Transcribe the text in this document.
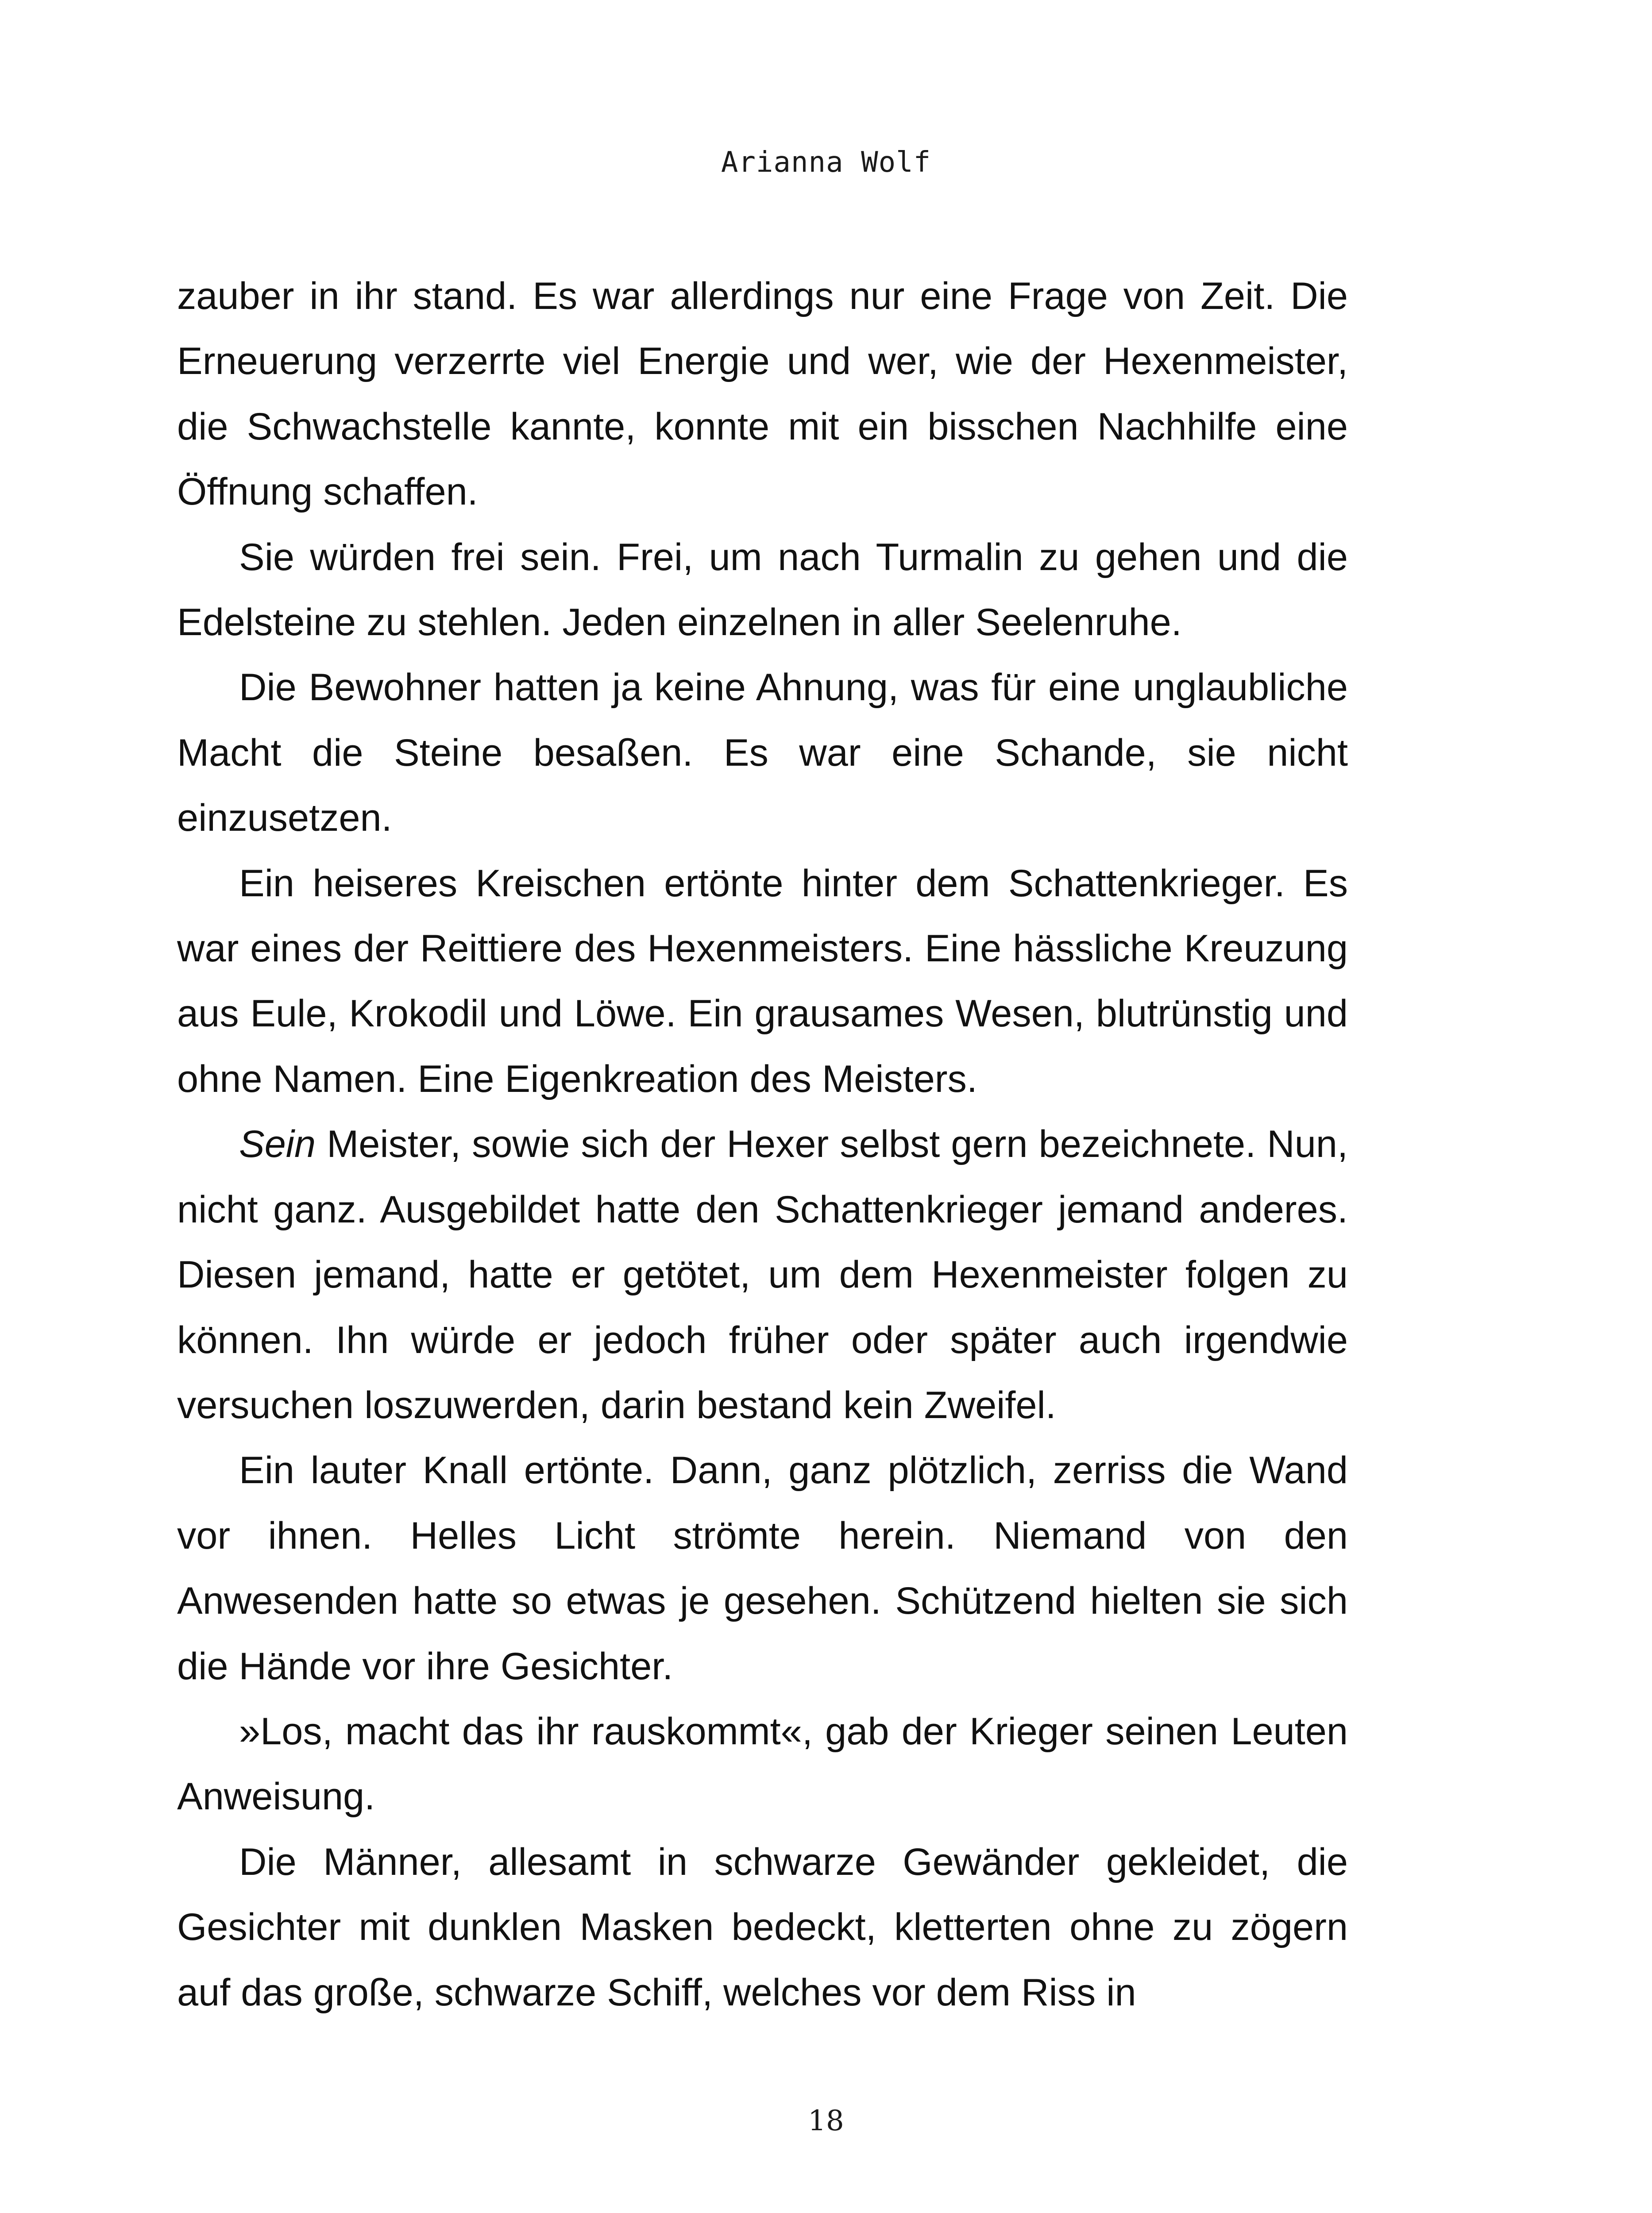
Arianna Wolf

zauber in ihr stand. Es war allerdings nur eine Frage von Zeit. Die Erneuerung verzerrte viel Energie und wer, wie der Hexenmeister, die Schwachstelle kannte, konnte mit ein bisschen Nachhilfe eine Öffnung schaffen.

Sie würden frei sein. Frei, um nach Turmalin zu gehen und die Edelsteine zu stehlen. Jeden einzelnen in aller Seelenruhe.

Die Bewohner hatten ja keine Ahnung, was für eine unglaubliche Macht die Steine besaßen. Es war eine Schande, sie nicht einzusetzen.

Ein heiseres Kreischen ertönte hinter dem Schattenkrieger. Es war eines der Reittiere des Hexenmeisters. Eine hässliche Kreuzung aus Eule, Krokodil und Löwe. Ein grausames Wesen, blutrünstig und ohne Namen. Eine Eigenkreation des Meisters.

Sein Meister, sowie sich der Hexer selbst gern bezeichnete. Nun, nicht ganz. Ausgebildet hatte den Schattenkrieger jemand anderes. Diesen jemand, hatte er getötet, um dem Hexenmeister folgen zu können. Ihn würde er jedoch früher oder später auch irgendwie versuchen loszuwerden, darin bestand kein Zweifel.

Ein lauter Knall ertönte. Dann, ganz plötzlich, zerriss die Wand vor ihnen. Helles Licht strömte herein. Niemand von den Anwesenden hatte so etwas je gesehen. Schützend hielten sie sich die Hände vor ihre Gesichter.

»Los, macht das ihr rauskommt«, gab der Krieger seinen Leuten Anweisung.

Die Männer, allesamt in schwarze Gewänder gekleidet, die Gesichter mit dunklen Masken bedeckt, kletterten ohne zu zögern auf das große, schwarze Schiff, welches vor dem Riss in

18
